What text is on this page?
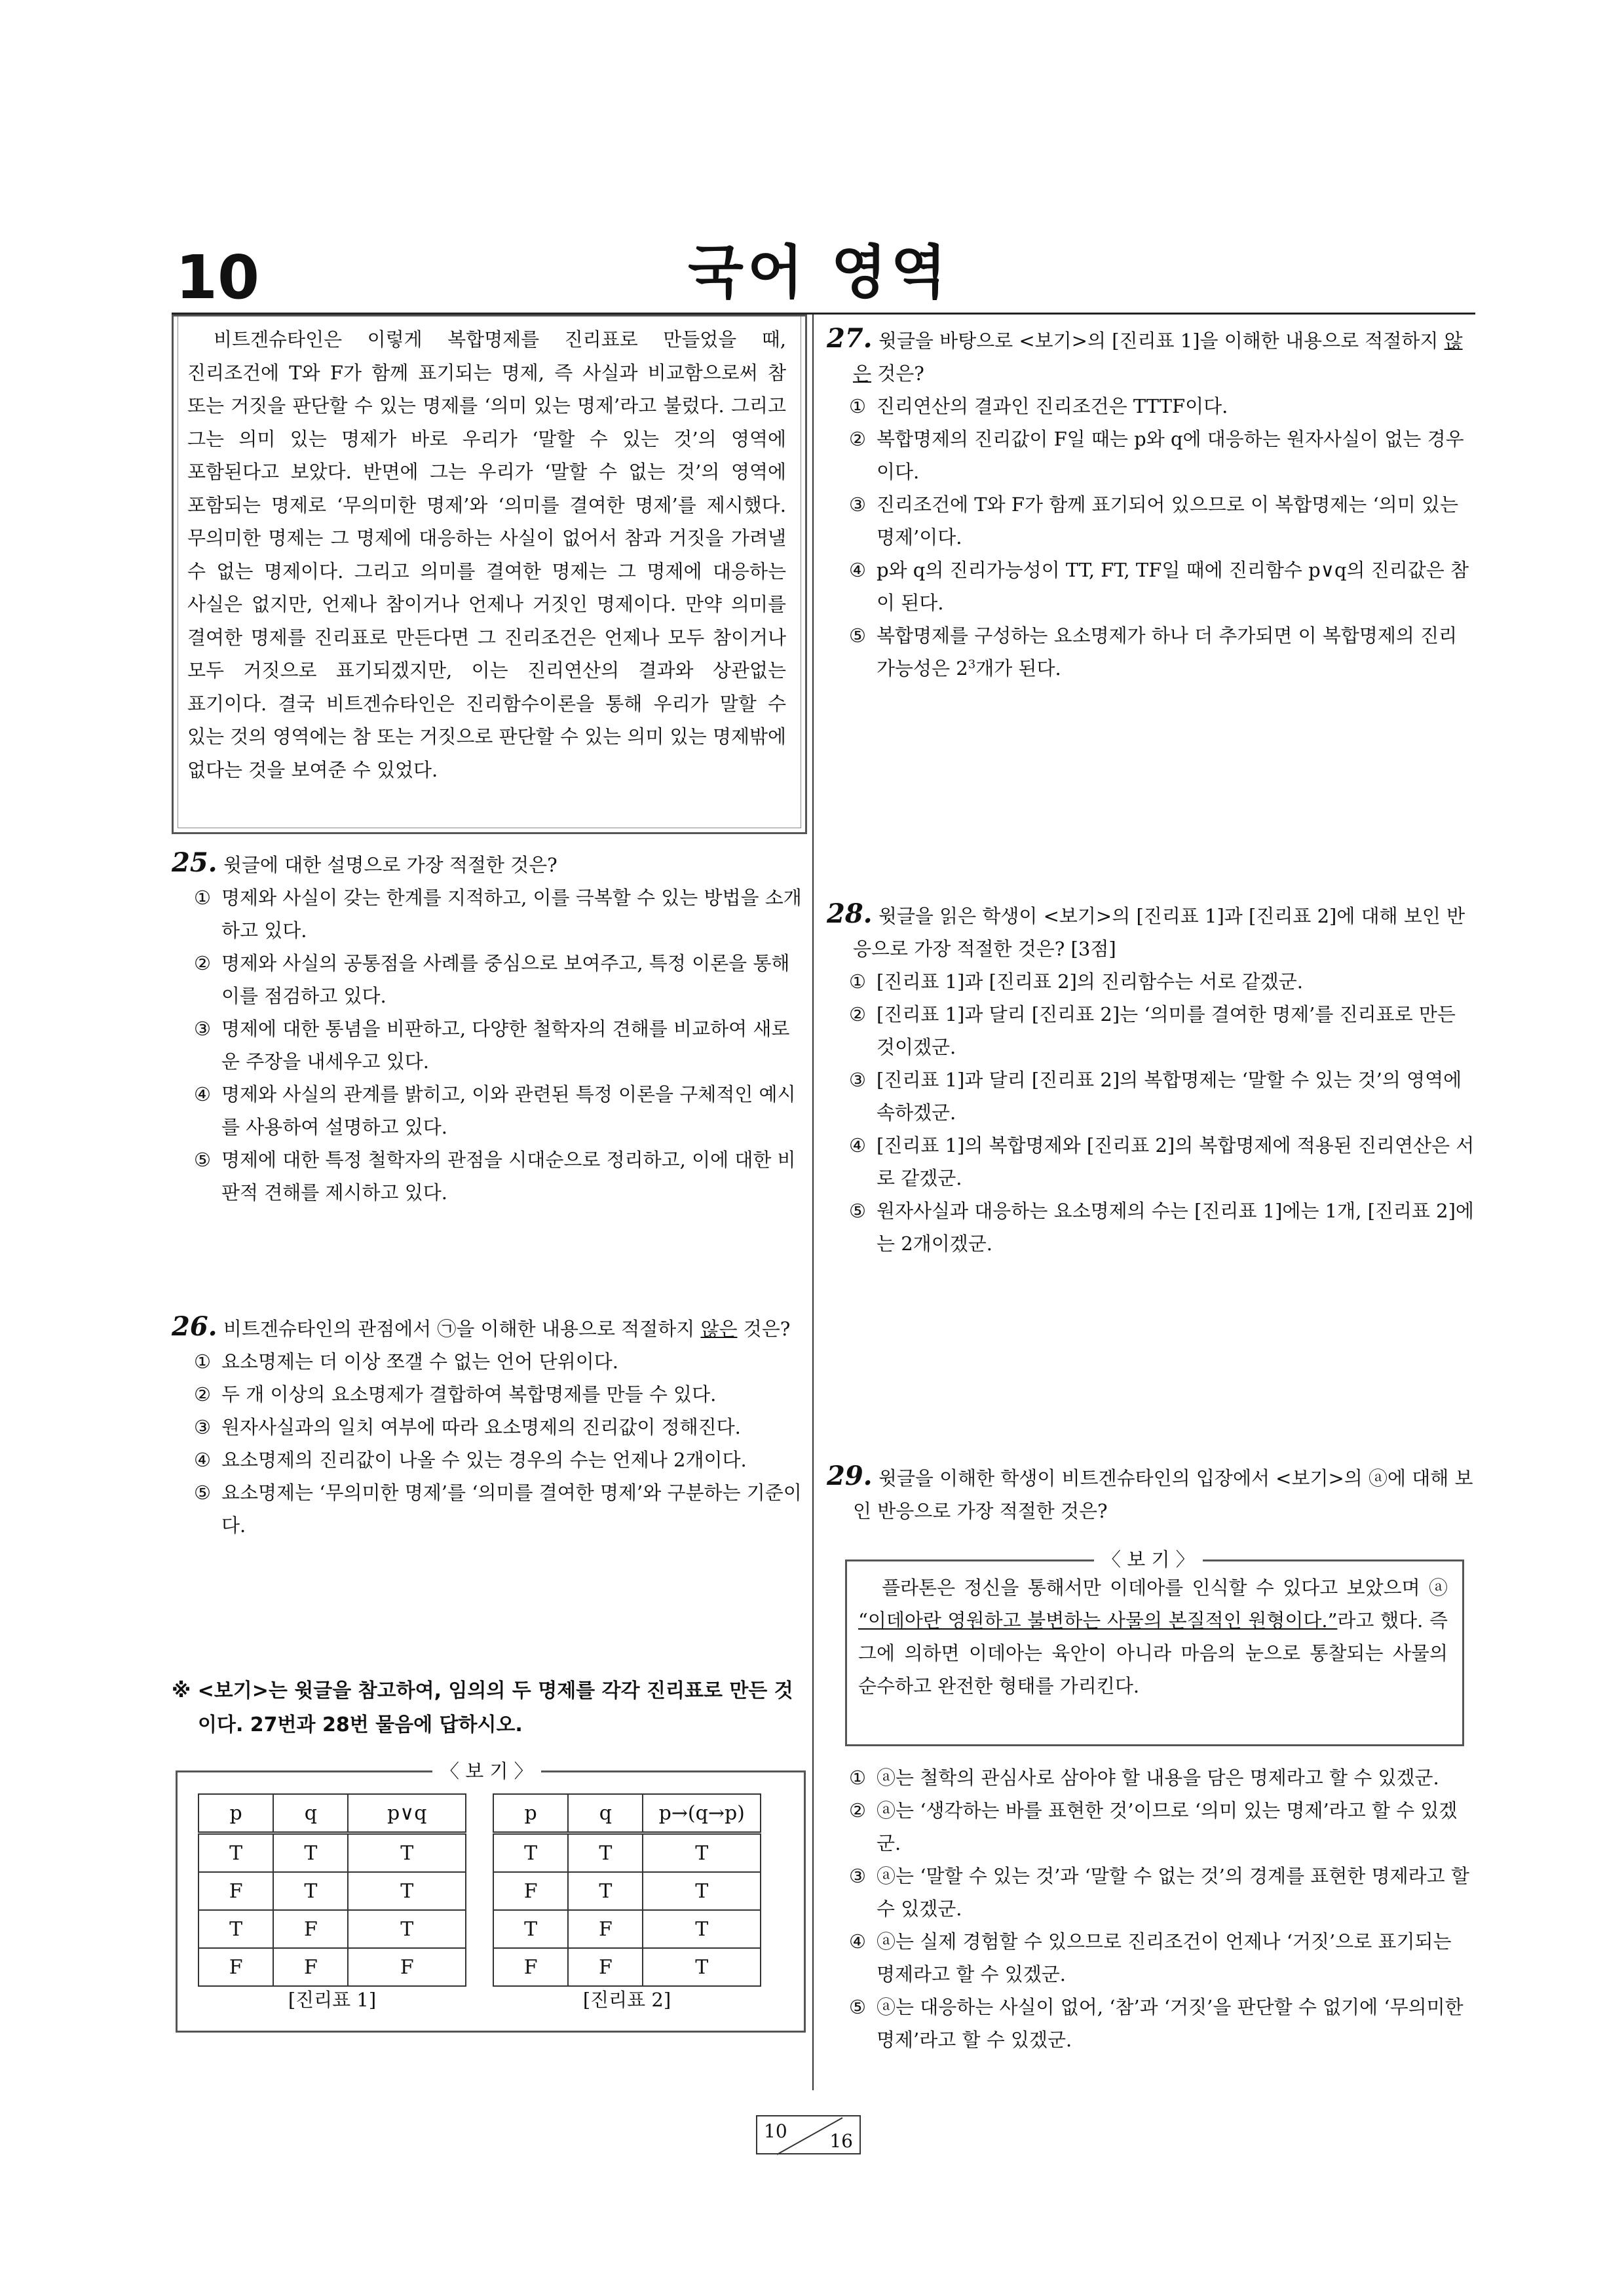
10	국어 영역

비트겐슈타인은 이렇게 복합명제를 진리표로 만들었을 때, 진리조건에 T와 F가 함께 표기되는 명제, 즉 사실과 비교함으로써 참 또는 거짓을 판단할 수 있는 명제를 ‘의미 있는 명제’라고 불렀다. 그리고 그는 의미 있는 명제가 바로 우리가 ‘말할 수 있는 것’의 영역에 포함된다고 보았다. 반면에 그는 우리가 ‘말할 수 없는 것’의 영역에 포함되는 명제로 ‘무의미한 명제’와 ‘의미를 결여한 명제’를 제시했다. 무의미한 명제는 그 명제에 대응하는 사실이 없어서 참과 거짓을 가려낼 수 없는 명제이다. 그리고 의미를 결여한 명제는 그 명제에 대응하는 사실은 없지만, 언제나 참이거나 언제나 거짓인 명제이다. 만약 의미를 결여한 명제를 진리표로 만든다면 그 진리조건은 언제나 모두 참이거나 모두 거짓으로 표기되겠지만, 이는 진리연산의 결과와 상관없는 표기이다. 결국 비트겐슈타인은 진리함수이론을 통해 우리가 말할 수 있는 것의 영역에는 참 또는 거짓으로 판단할 수 있는 의미 있는 명제밖에 없다는 것을 보여준 수 있었다.

25. 윗글에 대한 설명으로 가장 적절한 것은?
① 명제와 사실이 갖는 한계를 지적하고, 이를 극복할 수 있는 방법을 소개하고 있다.
② 명제와 사실의 공통점을 사례를 중심으로 보여주고, 특정 이론을 통해 이를 점검하고 있다.
③ 명제에 대한 통념을 비판하고, 다양한 철학자의 견해를 비교하여 새로운 주장을 내세우고 있다.
④ 명제와 사실의 관계를 밝히고, 이와 관련된 특정 이론을 구체적인 예시를 사용하여 설명하고 있다.
⑤ 명제에 대한 특정 철학자의 관점을 시대순으로 정리하고, 이에 대한 비판적 견해를 제시하고 있다.
26. 비트겐슈타인의 관점에서 ㉠을 이해한 내용으로 적절하지 않은 것은?
① 요소명제는 더 이상 쪼갤 수 없는 언어 단위이다.
② 두 개 이상의 요소명제가 결합하여 복합명제를 만들 수 있다.
③ 원자사실과의 일치 여부에 따라 요소명제의 진리값이 정해진다.
④ 요소명제의 진리값이 나올 수 있는 경우의 수는 언제나 2개이다.
⑤ 요소명제는 ‘무의미한 명제’를 ‘의미를 결여한 명제’와 구분하는 기준이다.
※ <보기>는 윗글을 참고하여, 임의의 두 명제를 각각 진리표로 만든 것이다. 27번과 28번 물음에 답하시오.
〈 보 기 〉
p	q	p∨q
T	T	T
F	T	T
T	F	T
F	F	F
[진리표 1]
p	q	p→(q→p)
T	T	T
F	T	T
T	F	T
F	F	T
[진리표 2]
27. 윗글을 바탕으로 <보기>의 [진리표 1]을 이해한 내용으로 적절하지 않은 것은?
① 진리연산의 결과인 진리조건은 TTTF이다.
② 복합명제의 진리값이 F일 때는 p와 q에 대응하는 원자사실이 없는 경우이다.
③ 진리조건에 T와 F가 함께 표기되어 있으므로 이 복합명제는 ‘의미 있는 명제’이다.
④ p와 q의 진리가능성이 TT, FT, TF일 때에 진리함수 p∨q의 진리값은 참이 된다.
⑤ 복합명제를 구성하는 요소명제가 하나 더 추가되면 이 복합명제의 진리가능성은 $2^3$개가 된다.
28. 윗글을 읽은 학생이 <보기>의 [진리표 1]과 [진리표 2]에 대해 보인 반응으로 가장 적절한 것은? [3점]
① [진리표 1]과 [진리표 2]의 진리함수는 서로 같겠군.
② [진리표 1]과 달리 [진리표 2]는 ‘의미를 결여한 명제’를 진리표로 만든 것이겠군.
③ [진리표 1]과 달리 [진리표 2]의 복합명제는 ‘말할 수 있는 것’의 영역에 속하겠군.
④ [진리표 1]의 복합명제와 [진리표 2]의 복합명제에 적용된 진리연산은 서로 같겠군.
⑤ 원자사실과 대응하는 요소명제의 수는 [진리표 1]에는 1개, [진리표 2]에는 2개이겠군.
29. 윗글을 이해한 학생이 비트겐슈타인의 입장에서 <보기>의 ⓐ에 대해 보인 반응으로 가장 적절한 것은?
〈 보 기 〉
플라톤은 정신을 통해서만 이데아를 인식할 수 있다고 보았으며 ⓐ “이데아란 영원하고 불변하는 사물의 본질적인 원형이다.”라고 했다. 즉 그에 의하면 이데아는 육안이 아니라 마음의 눈으로 통찰되는 사물의 순수하고 완전한 형태를 가리킨다.
① ⓐ는 철학의 관심사로 삼아야 할 내용을 담은 명제라고 할 수 있겠군.
② ⓐ는 ‘생각하는 바를 표현한 것’이므로 ‘의미 있는 명제’라고 할 수 있겠군.
③ ⓐ는 ‘말할 수 있는 것’과 ‘말할 수 없는 것’의 경계를 표현한 명제라고 할 수 있겠군.
④ ⓐ는 실제 경험할 수 있으므로 진리조건이 언제나 ‘거짓’으로 표기되는 명제라고 할 수 있겠군.
⑤ ⓐ는 대응하는 사실이 없어, ‘참’과 ‘거짓’을 판단할 수 없기에 ‘무의미한 명제’라고 할 수 있겠군.
10 16
